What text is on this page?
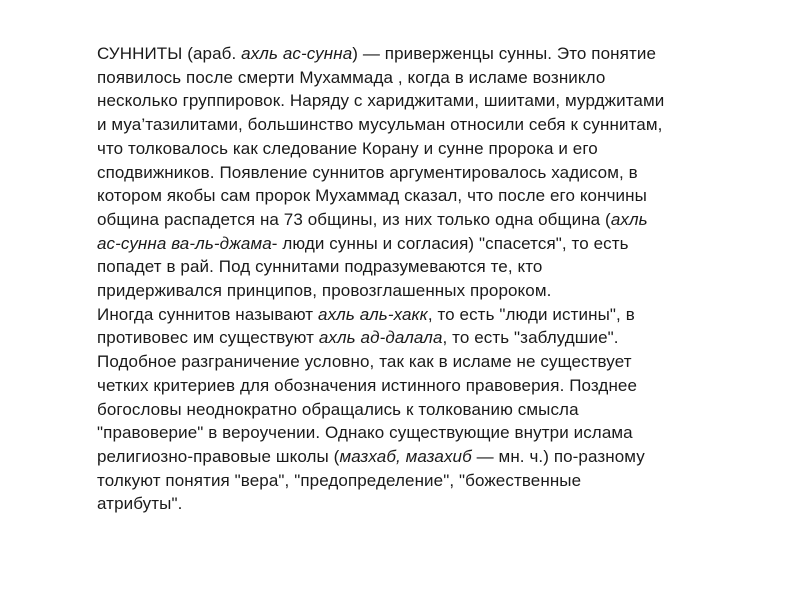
СУННИТЫ (араб. ахль ас-сунна) — приверженцы сунны. Это понятие
появилось после смерти Мухаммада , когда в исламе возникло
несколько группировок. Наряду с хариджитами, шиитами, мурджитами
и муа’тазилитами, большинство мусульман относили себя к суннитам,
что толковалось как следование Корану и сунне пророка и его
сподвижников. Появление суннитов аргументировалось хадисом, в
котором якобы сам пророк Мухаммад сказал, что после его кончины
община распадется на 73 общины, из них только одна община (ахль
ас-сунна ва-ль-джама- люди сунны и согласия) "спасется", то есть
попадет в рай. Под суннитами подразумеваются те, кто
придерживался принципов, провозглашенных пророком.

Иногда суннитов называют ахль аль-хакк, то есть "люди истины", в
противовес им существуют ахль ад-далала, то есть "заблудшие".
Подобное разграничение условно, так как в исламе не существует
четких критериев для обозначения истинного правоверия. Позднее
богословы неоднократно обращались к толкованию смысла
"правоверие" в вероучении. Однако существующие внутри ислама
религиозно-правовые школы (мазхаб, мазахиб — мн. ч.) по-разному
толкуют понятия "вера", "предопределение", "божественные
атрибуты".
